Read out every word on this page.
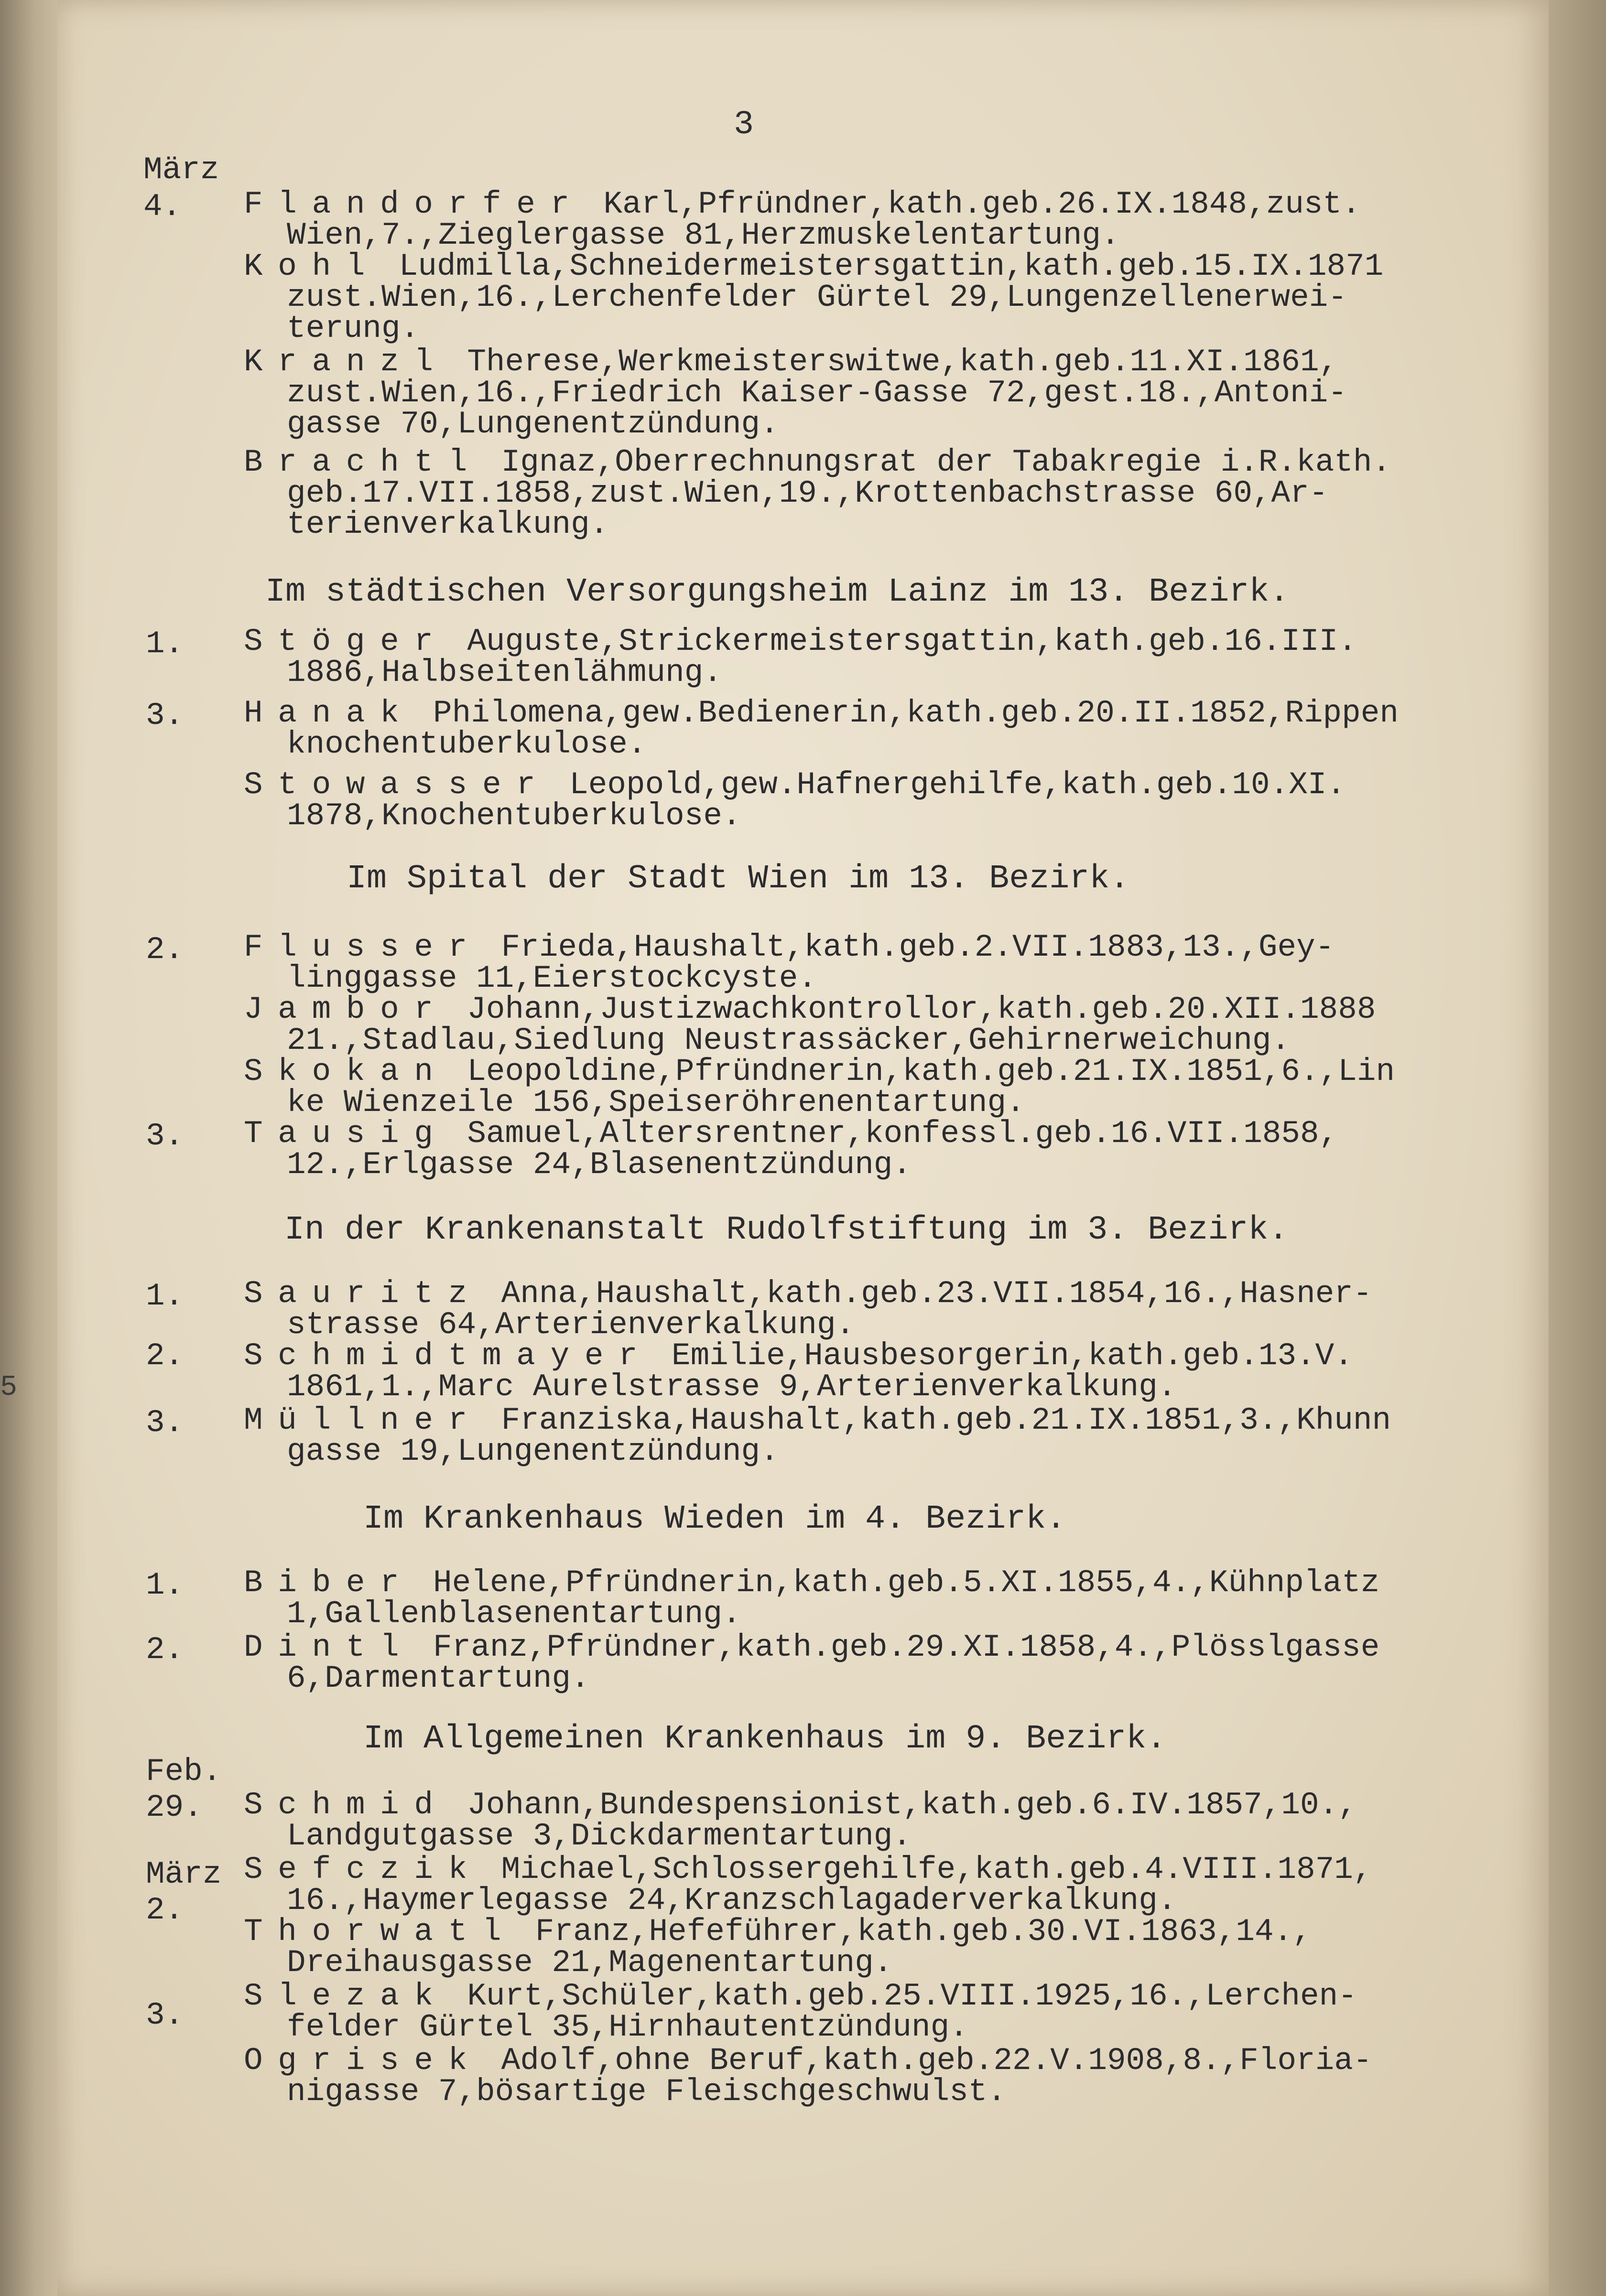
5
3
März
4.
1.
3.
2.
3.
1.
2.
3.
1.
2.
Feb.
29.
März
2.
3.
Im städtischen Versorgungsheim Lainz im 13. Bezirk.
Im Spital der Stadt Wien im 13. Bezirk.
In der Krankenanstalt Rudolfstiftung im 3. Bezirk.
Im Krankenhaus Wieden im 4. Bezirk.
Im Allgemeinen Krankenhaus im 9. Bezirk.
Flandorfer Karl,Pfründner,kath.geb.26.IX.1848,zust.
Wien,7.,Zieglergasse 81,Herzmuskelentartung.
Kohl Ludmilla,Schneidermeistersgattin,kath.geb.15.IX.1871
zust.Wien,16.,Lerchenfelder Gürtel 29,Lungenzellenerwei-
terung.
Kranzl Therese,Werkmeisterswitwe,kath.geb.11.XI.1861,
zust.Wien,16.,Friedrich Kaiser-Gasse 72,gest.18.,Antoni-
gasse 70,Lungenentzündung.
Brachtl Ignaz,Oberrechnungsrat der Tabakregie i.R.kath.
geb.17.VII.1858,zust.Wien,19.,Krottenbachstrasse 60,Ar-
terienverkalkung.
Stöger Auguste,Strickermeistersgattin,kath.geb.16.III.
1886,Halbseitenlähmung.
Hanak Philomena,gew.Bedienerin,kath.geb.20.II.1852,Rippen
knochentuberkulose.
Stowasser Leopold,gew.Hafnergehilfe,kath.geb.10.XI.
1878,Knochentuberkulose.
Flusser Frieda,Haushalt,kath.geb.2.VII.1883,13.,Gey-
linggasse 11,Eierstockcyste.
Jambor Johann,Justizwachkontrollor,kath.geb.20.XII.1888
21.,Stadlau,Siedlung Neustrassäcker,Gehirnerweichung.
Skokan Leopoldine,Pfründnerin,kath.geb.21.IX.1851,6.,Lin
ke Wienzeile 156,Speiseröhrenentartung.
Tausig Samuel,Altersrentner,konfessl.geb.16.VII.1858,
12.,Erlgasse 24,Blasenentzündung.
Sauritz Anna,Haushalt,kath.geb.23.VII.1854,16.,Hasner-
strasse 64,Arterienverkalkung.
Schmidtmayer Emilie,Hausbesorgerin,kath.geb.13.V.
1861,1.,Marc Aurelstrasse 9,Arterienverkalkung.
Müllner Franziska,Haushalt,kath.geb.21.IX.1851,3.,Khunn
gasse 19,Lungenentzündung.
Biber Helene,Pfründnerin,kath.geb.5.XI.1855,4.,Kühnplatz
1,Gallenblasenentartung.
Dintl Franz,Pfründner,kath.geb.29.XI.1858,4.,Plösslgasse
6,Darmentartung.
Schmid Johann,Bundespensionist,kath.geb.6.IV.1857,10.,
Landgutgasse 3,Dickdarmentartung.
Sefczik Michael,Schlossergehilfe,kath.geb.4.VIII.1871,
16.,Haymerlegasse 24,Kranzschlagaderverkalkung.
Thorwatl Franz,Hefeführer,kath.geb.30.VI.1863,14.,
Dreihausgasse 21,Magenentartung.
Slezak Kurt,Schüler,kath.geb.25.VIII.1925,16.,Lerchen-
felder Gürtel 35,Hirnhautentzündung.
Ogrisek Adolf,ohne Beruf,kath.geb.22.V.1908,8.,Floria-
nigasse 7,bösartige Fleischgeschwulst.
